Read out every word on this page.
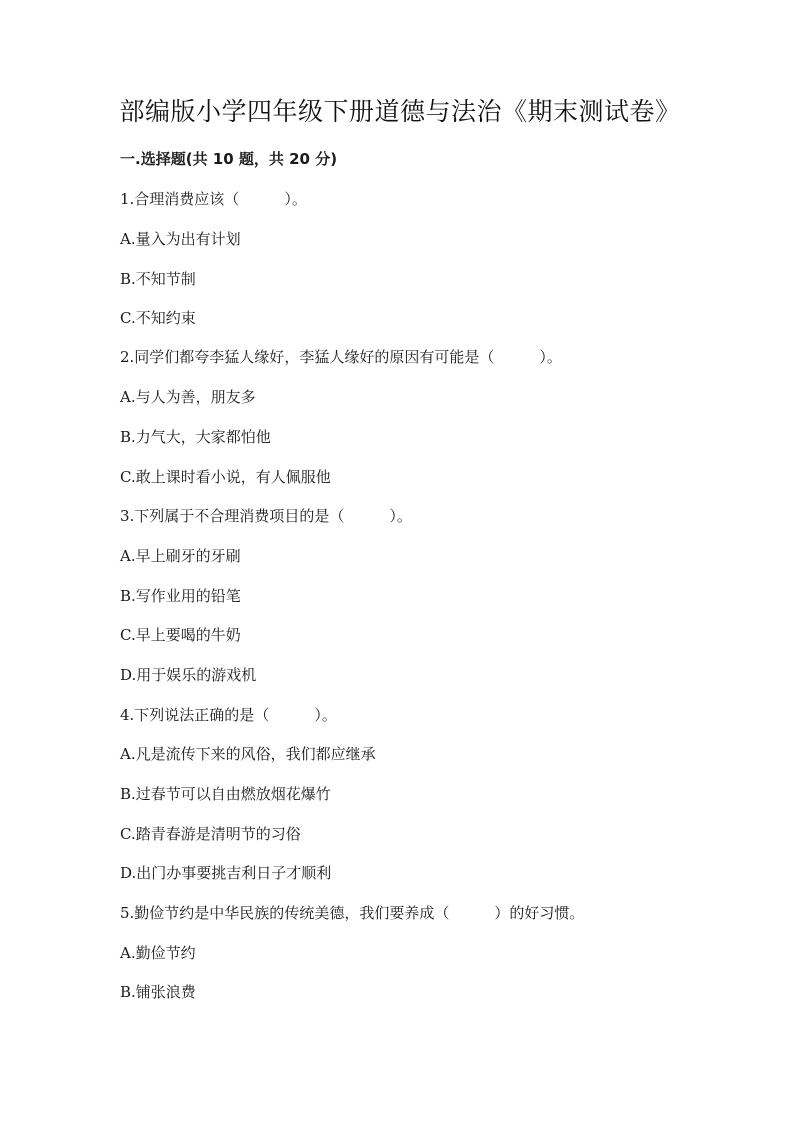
部编版小学四年级下册道德与法治《期末测试卷》
一.选择题(共 10 题，共 20 分)
1.合理消费应该（　　　）。
A.量入为出有计划
B.不知节制
C.不知约束
2.同学们都夸李猛人缘好，李猛人缘好的原因有可能是（　　　）。
A.与人为善，朋友多
B.力气大，大家都怕他
C.敢上课时看小说，有人佩服他
3.下列属于不合理消费项目的是（　　　）。
A.早上刷牙的牙刷
B.写作业用的铅笔
C.早上要喝的牛奶
D.用于娱乐的游戏机
4.下列说法正确的是（　　　）。
A.凡是流传下来的风俗，我们都应继承
B.过春节可以自由燃放烟花爆竹
C.踏青春游是清明节的习俗
D.出门办事要挑吉利日子才顺利
5.勤俭节约是中华民族的传统美德，我们要养成（　　　）的好习惯。
A.勤俭节约
B.铺张浪费
